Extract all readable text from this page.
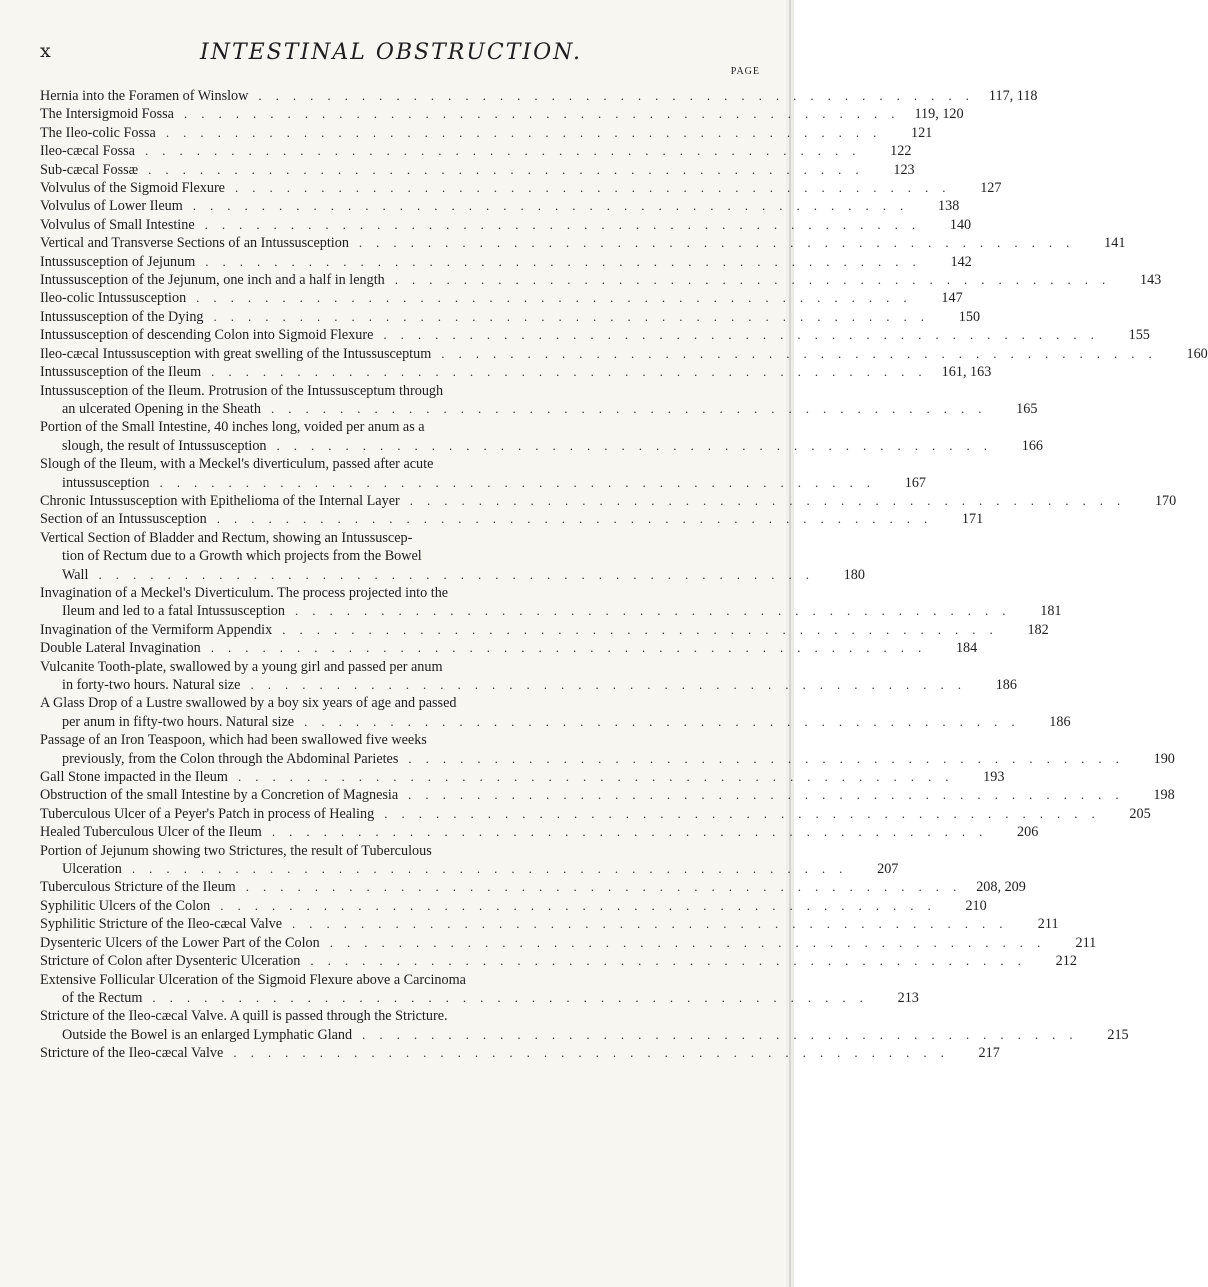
x	INTESTINAL OBSTRUCTION.
PAGE
Hernia into the Foramen of Winslow .......................................... 117, 118
The Intersigmoid Fossa .......................................... 119, 120
The Ileo-colic Fossa ..........................................	121
Ileo-cæcal Fossa ..........................................	122
Sub-cæcal Fossæ ..........................................	123
Volvulus of the Sigmoid Flexure ..........................................	127
Volvulus of Lower Ileum ..........................................	138
Volvulus of Small Intestine ..........................................	140
Vertical and Transverse Sections of an Intussusception ..........................................	141
Intussusception of Jejunum ..........................................	142
Intussusception of the Jejunum, one inch and a half in length ..........................................	143
Ileo-colic Intussusception ..........................................	147
Intussusception of the Dying ..........................................	150
Intussusception of descending Colon into Sigmoid Flexure ..........................................	155
Ileo-cæcal Intussusception with great swelling of the Intussusceptum ..........................................	160
Intussusception of the Ileum .......................................... 161, 163
Intussusception of the Ileum. Protrusion of the Intussusceptum through
an ulcerated Opening in the Sheath ..........................................	165
Portion of the Small Intestine, 40 inches long, voided per anum as a
slough, the result of Intussusception ..........................................	166
Slough of the Ileum, with a Meckel's diverticulum, passed after acute
intussusception ..........................................	167
Chronic Intussusception with Epithelioma of the Internal Layer ..........................................	170
Section of an Intussusception ..........................................	171
Vertical Section of Bladder and Rectum, showing an Intussuscep-
tion of Rectum due to a Growth which projects from the Bowel
Wall ..........................................	180
Invagination of a Meckel's Diverticulum. The process projected into the
Ileum and led to a fatal Intussusception ..........................................	181
Invagination of the Vermiform Appendix ..........................................	182
Double Lateral Invagination ..........................................	184
Vulcanite Tooth-plate, swallowed by a young girl and passed per anum
in forty-two hours. Natural size ..........................................	186
A Glass Drop of a Lustre swallowed by a boy six years of age and passed
per anum in fifty-two hours. Natural size ..........................................	186
Passage of an Iron Teaspoon, which had been swallowed five weeks
previously, from the Colon through the Abdominal Parietes ..........................................	190
Gall Stone impacted in the Ileum ..........................................	193
Obstruction of the small Intestine by a Concretion of Magnesia ..........................................	198
Tuberculous Ulcer of a Peyer's Patch in process of Healing ..........................................	205
Healed Tuberculous Ulcer of the Ileum ..........................................	206
Portion of Jejunum showing two Strictures, the result of Tuberculous
Ulceration ..........................................	207
Tuberculous Stricture of the Ileum .......................................... 208, 209
Syphilitic Ulcers of the Colon ..........................................	210
Syphilitic Stricture of the Ileo-cæcal Valve ..........................................	211
Dysenteric Ulcers of the Lower Part of the Colon ..........................................	211
Stricture of Colon after Dysenteric Ulceration ..........................................	212
Extensive Follicular Ulceration of the Sigmoid Flexure above a Carcinoma
of the Rectum ..........................................	213
Stricture of the Ileo-cæcal Valve. A quill is passed through the Stricture.
Outside the Bowel is an enlarged Lymphatic Gland ..........................................	215
Stricture of the Ileo-cæcal Valve ..........................................	217
